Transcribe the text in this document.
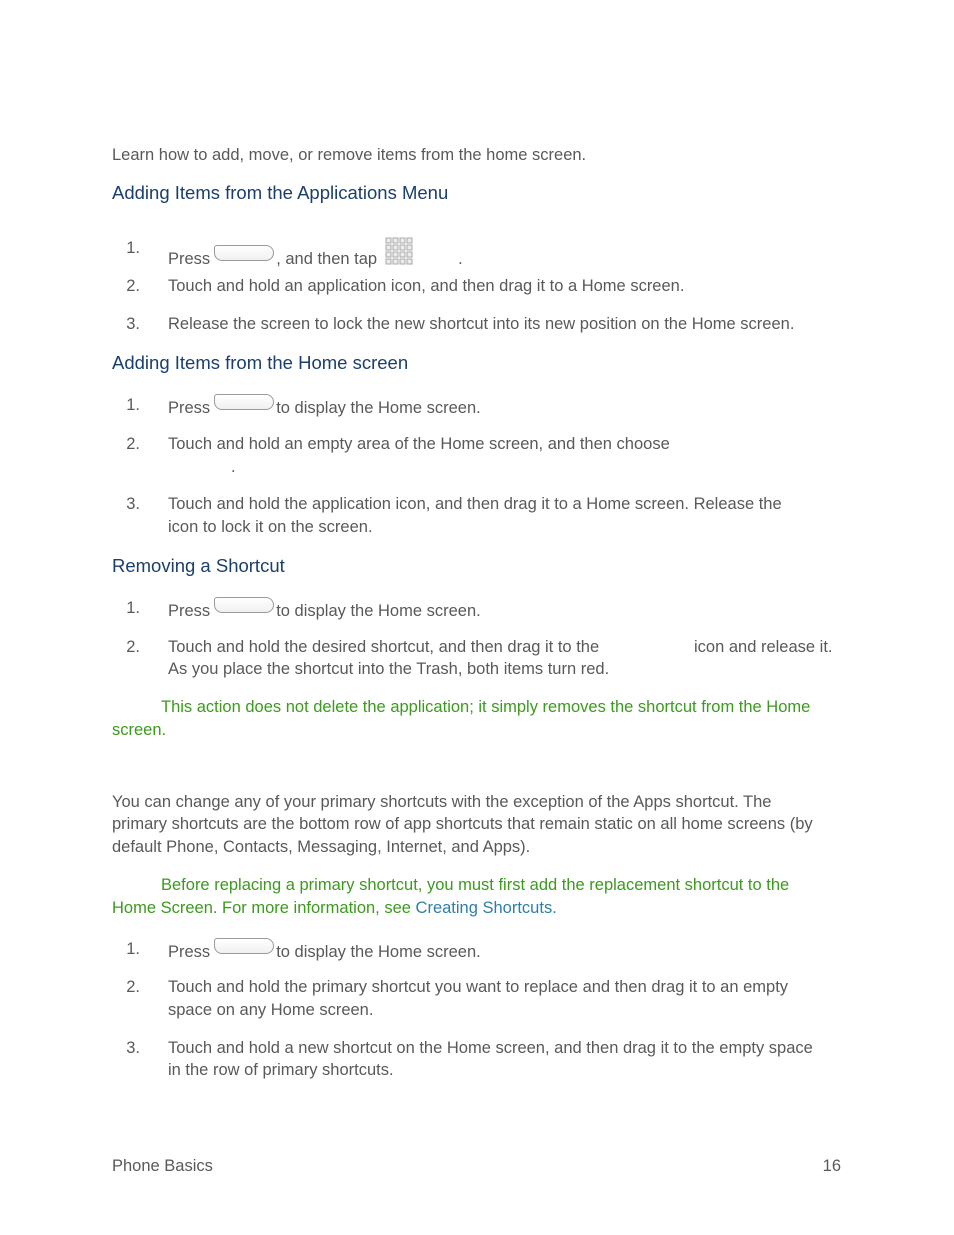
Learn how to add, move, or remove items from the home screen.
Adding Items from the Applications Menu
1.
Press	, and then tap	.
2. Touch and hold an application icon, and then drag it to a Home screen.
3. Release the screen to lock the new shortcut into its new position on the Home screen.
Adding Items from the Home screen
1. Press	to display the Home screen.
2. Touch and hold an empty area of the Home screen, and then choose
.
3. Touch and hold the application icon, and then drag it to a Home screen. Release the
icon to lock it on the screen.
Removing a Shortcut
1. Press	to display the Home screen.
2. Touch and hold the desired shortcut, and then drag it to the	icon and release it.
As you place the shortcut into the Trash, both items turn red.
This action does not delete the application; it simply removes the shortcut from the Home
screen.
You can change any of your primary shortcuts with the exception of the Apps shortcut. The
primary shortcuts are the bottom row of app shortcuts that remain static on all home screens (by
default Phone, Contacts, Messaging, Internet, and Apps).
Before replacing a primary shortcut, you must first add the replacement shortcut to the
Home Screen. For more information, see Creating Shortcuts.
1. Press	to display the Home screen.
2. Touch and hold the primary shortcut you want to replace and then drag it to an empty
space on any Home screen.
3. Touch and hold a new shortcut on the Home screen, and then drag it to the empty space
in the row of primary shortcuts.
Phone Basics	16
